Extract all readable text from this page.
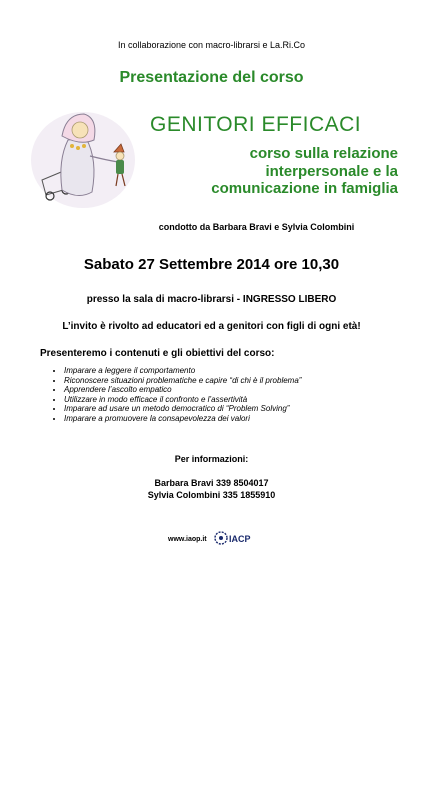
In collaborazione con macro-librarsi e La.Ri.Co
Presentazione del corso
GENITORI EFFICACI
corso sulla relazione
interpersonale e la
comunicazione in famiglia
condotto da Barbara Bravi e Sylvia Colombini
Sabato 27 Settembre 2014 ore 10,30
presso la sala di macro-librarsi - INGRESSO LIBERO
L’invito è rivolto ad educatori ed a genitori con figli di ogni età!
Presenteremo i contenuti e gli obiettivi del corso:
• Imparare a leggere il comportamento
• Riconoscere situazioni problematiche e capire “di chi è il problema”
• Apprendere l’ascolto empatico
• Utilizzare in modo efficace il confronto e l’assertività
• Imparare ad usare un metodo democratico di “Problem Solving”
• Imparare a promuovere la consapevolezza dei valori
Per informazioni:
Barbara Bravi 339 8504017
Sylvia Colombini 335 1855910
www.iaop.it IACP
